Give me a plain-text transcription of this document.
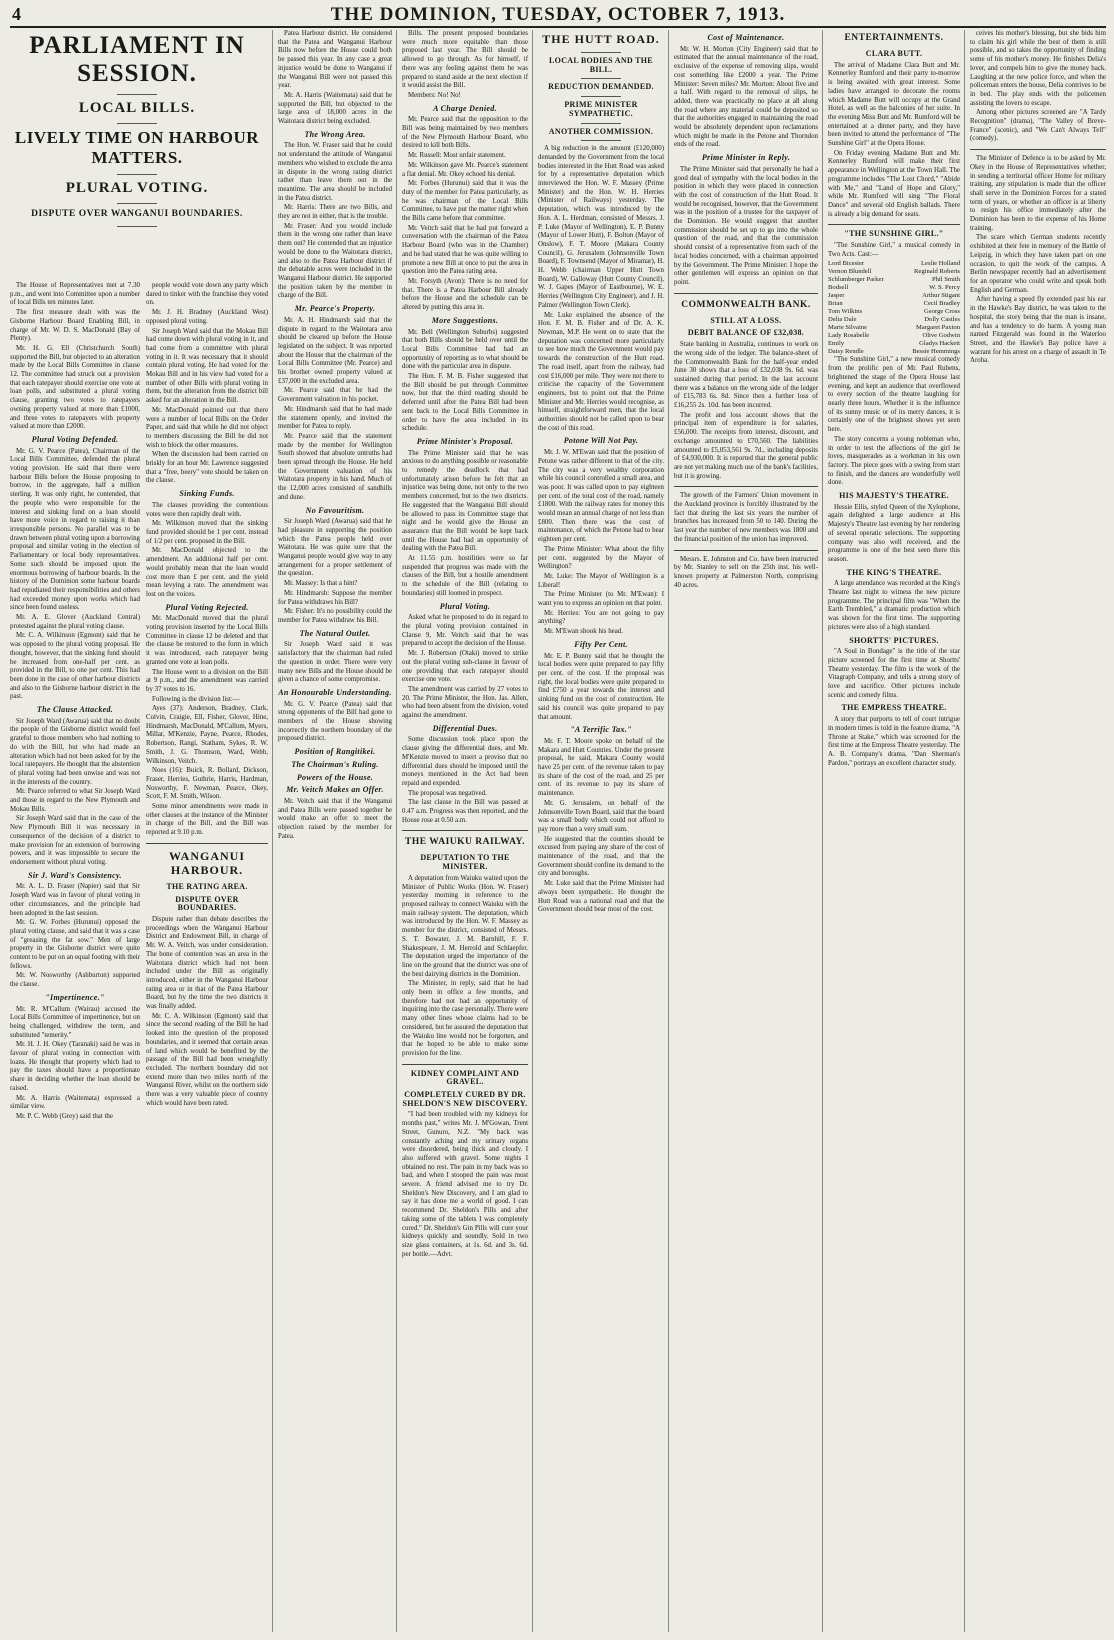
4	THE DOMINION, TUESDAY, OCTOBER 7, 1913.
PARLIAMENT IN SESSION.
LOCAL BILLS.
LIVELY TIME ON HARBOUR MATTERS.
PLURAL VOTING.
DISPUTE OVER WANGANUI BOUNDARIES.

The House of Representatives met at 7.30 p.m., and went into Committee upon a number of local Bills ten minutes later.

The first measure dealt with was the Gisborne Harbour Board Enabling Bill, in charge of Mr. W. D. S. MacDonald (Bay of Plenty).

Mr. H. G. Ell (Christchurch South) supported the Bill, but objected to an alteration made by the Local Bills Committee in clause 12. The committee had struck out a provision that each ratepayer should exercise one vote at loan polls, and substituted a plural voting clause, granting two votes to ratepayers owning property valued at more than £1000, and three votes to ratepayers with property valued at more than £2000.

Plural Voting Defended.

Mr. G. V. Pearce (Patea), Chairman of the Local Bills Committee, defended the plural voting provision. He said that there were harbour Bills before the House proposing to borrow, in the aggregate, half a million sterling. It was only right, he contended, that the people who were responsible for the interest and sinking fund on a loan should have more voice in regard to raising it than irresponsible persons. No parallel was to be drawn between plural voting upon a borrowing proposal and similar voting in the election of Parliamentary or local body representatives. Some such should be imposed upon the enormous borrowing of harbour boards. In the history of the Dominion some harbour boards had repudiated their responsibilities and others had exceeded money upon works which had since been found useless.

Mr. A. E. Glover (Auckland Central) protested against the plural voting clause.

Mr. C. A. Wilkinson (Egmont) said that he was opposed to the plural voting proposal. He thought, however, that the sinking fund should be increased from one-half per cent. as provided in the Bill, to one per cent. This had been done in the case of other harbour districts and also to the Gisborne harbour district in the past.

The Clause Attacked.

Sir Joseph Ward (Awarua) said that no doubt the people of the Gisborne district would feel grateful to those members who had nothing to do with the Bill, but who had made an alteration which had not been asked for by the local ratepayers. He thought that the abstention of plural voting had been unwise and was not in the interests of the country.

Mr. Pearce referred to what Sir Joseph Ward and those in regard to the New Plymouth and Mokau Bills.

Sir Joseph Ward said that in the case of the New Plymouth Bill it was necessary in consequence of the decision of a district to make provision for an extension of borrowing powers, and it was impossible to secure the endorsement without plural voting.

Sir J. Ward's Consistency.

Mr. A. L. D. Fraser (Napier) said that Sir Joseph Ward was in favour of plural voting in other circumstances, and the principle had been adopted in the last session.

Mr. G. W. Forbes (Hurunui) opposed the plural voting clause, and said that it was a case of "greasing the fat sow." Men of large property in the Gisborne district were quite content to be put on an equal footing with their fellows.

Mr. W. Nosworthy (Ashburton) supported the clause.

"Impertinence."

Mr. R. M'Callum (Wairau) accused the Local Bills Committee of impertinence, but on being challenged, withdrew the term, and substituted "temerity."

Mr. H. J. H. Okey (Taranaki) said he was in favour of plural voting in connection with loans. He thought that property which had to pay the taxes should have a proportionate share in deciding whether the loan should be raised.

Mr. A. Harris (Waitemata) expressed a similar view.

Mr. P. C. Webb (Grey) said that the

people would vote down any party which dared to tinker with the franchise they voted on.

Mr. J. H. Bradney (Auckland West) opposed plural voting.

Sir Joseph Ward said that the Mokau Bill had come down with plural voting in it, and had come from a committee with plural voting in it. It was necessary that it should contain plural voting. He had voted for the Mokau Bill and in his view had voted for a number of other Bills with plural voting in them, but the alteration from the district bill asked for an alteration in the Bill.

Mr. MacDonald pointed out that there were a number of local Bills on the Order Paper, and said that while he did not object to members discussing the Bill he did not wish to block the other measures.

When the discussion had been carried on briskly for an hour Mr. Lawrence suggested that a "free, beery" vote should be taken on the clause.

Sinking Funds.

The clauses providing the contentious votes were then rapidly dealt with.

Mr. Wilkinson moved that the sinking fund provided should be 1 per cent. instead of 1/2 per cent. proposed in the Bill.

Mr. MacDonald objected to the amendment. An additional half per cent. would probably mean that the loan would cost more than £ per cent. and the yield mean levying a rate. The amendment was lost on the voices.

Plural Voting Rejected.

Mr. MacDonald moved that the plural voting provision inserted by the Local Bills Committee in clause 12 be deleted and that the clause be restored to the form in which it was introduced, each ratepayer being granted one vote at loan polls.

The House went to a division on the Bill at 9 p.m., and the amendment was carried by 37 votes to 16.

Following is the division list:—

Ayes (37): Anderson, Bradney, Clark, Colvin, Craigie, Ell, Fisher, Glover, Hine, Hindmarsh, MacDonald, M'Callum, Myers, Millar, M'Kenzie, Payne, Pearce, Rhodes, Robertson, Rangi, Statham, Sykes, R. W. Smith, J. G. Thomson, Ward, Webb, Wilkinson, Veitch.

Noes (16): Buick, R. Bollard, Dickson, Fraser, Herries, Guthrie, Harris, Hardman, Nosworthy, F. Newman, Pearce, Okey, Scott, F. M. Smith, Wilson.

Some minor amendments were made in other clauses at the instance of the Minister in charge of the Bill, and the Bill was reported at 9.10 p.m.

WANGANUI HARBOUR.
THE RATING AREA.
DISPUTE OVER BOUNDARIES.

Dispute rather than debate describes the proceedings when the Wanganui Harbour District and Endowment Bill, in charge of Mr. W. A. Veitch, was under consideration. The bone of contention was an area in the Waitotara district which had not been included under the Bill as originally introduced, either in the Wanganui Harbour rating area or in that of the Patea Harbour Board, but by the time the two districts it was finally added.

Mr. C. A. Wilkinson (Egmont) said that since the second reading of the Bill he had looked into the question of the proposed boundaries, and it seemed that certain areas of land which would be benefited by the passage of the Bill had been wrongfully excluded. The northern boundary did not extend more than two miles north of the Wanganui River, whilst on the northern side there was a very valuable piece of country which would have been rated.

Patea Harbour district. He considered that the Patea and Wanganui Harbour Bills now before the House could both be passed this year. In any case a great injustice would be done to Wanganui if the Wanganui Bill were not passed this year.

Mr. A. Harris (Waitemata) said that he supported the Bill, but objected to the large area of 18,000 acres in the Waitotara district being excluded.

The Wrong Area.

The Hon. W. Fraser said that he could not understand the attitude of Wanganui members who wished to exclude the area in dispute in the wrong rating district rather than leave them out in the meantime. The area should be included in the Patea district.

Mr. Harris: There are two Bills, and they are not in either, that is the trouble.

Mr. Fraser: And you would include them in the wrong one rather than leave them out? He contended that an injustice would be done to the Waitotara district, and also to the Patea Harbour district if the debatable acres were included in the Wanganui Harbour district. He supported the position taken by the member in charge of the Bill.

Mr. Pearce's Property.

Mr. A. H. Hindmarsh said that the dispute in regard to the Waitotara area should be cleared up before the House legislated on the subject. It was reported about the House that the chairman of the Local Bills Committee (Mr. Pearce) and his brother owned property valued at £37,000 in the excluded area.

Mr. Pearce said that he had the Government valuation in his pocket.

Mr. Hindmarsh said that he had made the statement openly, and invited the member for Patea to reply.

Mr. Pearce said that the statement made by the member for Wellington South showed that absolute untruths had been spread through the House. He held the Government valuation of his Waitotara property in his hand. Much of the 12,000 acres consisted of sandhills and dune.

No Favouritism.

Sir Joseph Ward (Awarua) said that he had pleasure in supporting the position which the Patea people held over Waitotara. He was quite sure that the Wanganui people would give way to any arrangement for a proper settlement of the question.

Mr. Massey: Is that a hint?

Mr. Hindmarsh: Suppose the member for Patea withdraws his Bill?

Mr. Fisher: It's no possibility could the member for Patea withdraw his Bill.

The Natural Outlet.

Sir Joseph Ward said it was satisfactory that the chairman had ruled the question in order. There were very many new Bills and the House should be given a chance of some compromise.

An Honourable Understanding.

Mr. G. V. Pearce (Patea) said that strong opponents of the Bill had gone to members of the House showing incorrectly the northern boundary of the proposed district.

Position of Rangitikei.
The Chairman's Ruling.
Powers of the House.
Mr. Veitch Makes an Offer.

Mr. Veitch said that if the Wanganui and Patea Bills were passed together he would make an offer to meet the objection raised by the member for Patea.

Bills. The present proposed boundaries were much more equitable than those proposed last year. The Bill should be allowed to go through. As for himself, if there was any feeling against them he was prepared to stand aside at the next election if it would assist the Bill.

Members: No! No!

A Charge Denied.

Mr. Pearce said that the opposition to the Bill was being maintained by two members of the New Plymouth Harbour Board, who desired to kill both Bills.

Mr. Russell: Most unfair statement.

Mr. Wilkinson gave Mr. Pearce's statement a flat denial. Mr. Okey echoed his denial.

Mr. Forbes (Hurunui) said that it was the duty of the member for Patea particularly, as he was chairman of the Local Bills Committee, to have put the matter right when the Bills came before that committee.

Mr. Veitch said that he had put forward a conversation with the chairman of the Patea Harbour Board (who was in the Chamber) and he had stated that he was quite willing to promote a new Bill at once to put the area in question into the Patea rating area.

Mr. Forsyth (Avon): There is no need for that. There is a Patea Harbour Bill already before the House and the schedule can be altered by putting this area in.

More Suggestions.

Mr. Bell (Wellington Suburbs) suggested that both Bills should be held over until the Local Bills Committee had had an opportunity of reporting as to what should be done with the particular area in dispute.

The Hon. F. M. B. Fisher suggested that the Bill should be put through Committee now, but that the third reading should be deferred until after the Patea Bill had been sent back to the Local Bills Committee in order to have the area included in its schedule.

Prime Minister's Proposal.

The Prime Minister said that he was anxious to do anything possible or reasonable to remedy the deadlock that had unfortunately arisen before he felt that an injustice was being done, not only to the two members concerned, but to the two districts. He suggested that the Wanganui Bill should be allowed to pass its Committee stage that night and he would give the House an assurance that the Bill would be kept back until the House had had an opportunity of dealing with the Patea Bill.

At 11.55 p.m. hostilities were so far suspended that progress was made with the clauses of the Bill, but a hostile amendment to the schedule of the Bill (relating to boundaries) still loomed in prospect.

Plural Voting.

Asked what he proposed to do in regard to the plural voting provision contained in Clause 9, Mr. Veitch said that he was prepared to accept the decision of the House.

Mr. J. Robertson (Otaki) moved to strike out the plural voting sub-clause in favour of one providing that each ratepayer should exercise one vote.

The amendment was carried by 27 votes to 20. The Prime Minister, the Hon. Jas. Allen, who had been absent from the division, voted against the amendment.

Differential Dues.

Some discussion took place upon the clause giving the differential dues, and Mr. M'Kenzie moved to insert a proviso that no differential dues should be imposed until the moneys mentioned in the Act had been repaid and expended.

The proposal was negatived.

The last clause in the Bill was passed at 0.47 a.m. Progress was then reported, and the House rose at 0.50 a.m.

THE WAIUKU RAILWAY.
DEPUTATION TO THE MINISTER.

A deputation from Waiuku waited upon the Minister of Public Works (Hon. W. Fraser) yesterday morning in reference to the proposed railway to connect Waiuku with the main railway system. The deputation, which was introduced by the Hon. W. F. Massey as member for the district, consisted of Messrs. S. T. Bowater, J. M. Barnhill, F. F. Shakespeare, J. M. Herrold and Schlaepfer. The deputation urged the importance of the line on the ground that the district was one of the best dairying districts in the Dominion.

The Minister, in reply, said that he had only been in office a few months, and therefore had not had an opportunity of inquiring into the case personally. There were many other lines whose claims had to be considered, but he assured the deputation that the Waiuku line would not be forgotten, and that he hoped to be able to make some provision for the line.

KIDNEY COMPLAINT AND GRAVEL.
COMPLETELY CURED BY DR. SHELDON'S NEW DISCOVERY.

"I had been troubled with my kidneys for months past," writes Mr. J. M'Gowan, Trent Street, Gunuro, N.Z. "My back was constantly aching and my urinary organs were disordered, being thick and cloudy. I also suffered with gravel. Some nights I obtained no rest. The pain in my back was so bad, and when I stooped the pain was most severe. A friend advised me to try Dr. Sheldon's New Discovery, and I am glad to say it has done me a world of good. I can recommend Dr. Sheldon's Pills and after taking some of the tablets I was completely cured." Dr. Sheldon's Gin Pills will cure your kidneys quickly and soundly. Sold in two size glass containers, at 1s. 6d. and 3s. 6d. per bottle.—Advt.

THE HUTT ROAD.
LOCAL BODIES AND THE BILL.
REDUCTION DEMANDED.
PRIME MINISTER SYMPATHETIC.
ANOTHER COMMISSION.

A big reduction in the amount (£120,000) demanded by the Government from the local bodies interested in the Hutt Road was asked for by a representative deputation which interviewed the Hon. W. F. Massey (Prime Minister) and the Hon. W. H. Herries (Minister of Railways) yesterday. The deputation, which was introduced by the Hon. A. L. Herdman, consisted of Messrs. J. P. Luke (Mayor of Wellington), E. P. Bunny (Mayor of Lower Hutt), F. Bolton (Mayor of Onslow), F. T. Moore (Makara County Council), G. Jerusalem (Johnsonville Town Board), F. Townsend (Mayor of Miramar), H. H. Webb (chairman Upper Hutt Town Board), W. Galloway (Hutt County Council), W. J. Gapes (Mayor of Eastbourne), W. E. Herries (Wellington City Engineer), and J. H. Palmer (Wellington Town Clerk).

Mr. Luke explained the absence of the Hon. F. M. B. Fisher and of Dr. A. K. Newman, M.P. He went on to state that the deputation was concerned more particularly to see how much the Government would pay towards the construction of the Hutt road. The road itself, apart from the railway, had cost £16,000 per mile. They were not there to criticise the capacity of the Government engineers, but to point out that the Prime Minister and Mr. Herries would recognise, as himself, straightforward men, that the local authorities should not be called upon to bear the cost of this road.

Potone Will Not Pay.

Mr. J. W. M'Ewan said that the position of Petone was rather different to that of the city. The city was a very wealthy corporation while his council controlled a small area, and was poor. It was called upon to pay eighteen per cent. of the total cost of the road, namely £1800. With the railway rates for money this would mean an annual charge of not less than £800. Then there was the cost of maintenance, of which the Petone had to bear eighteen per cent.

The Prime Minister: What about the fifty per cent. suggested by the Mayor of Wellington?

Mr. Luke: The Mayor of Wellington is a Liberal!

The Prime Minister (to Mr. M'Ewan): I want you to express an opinion on that point.

Mr. Herries: You are not going to pay anything?

Mr. M'Ewan shook his head.

Fifty Per Cent.

Mr. E. P. Bunny said that he thought the local bodies were quite prepared to pay fifty per cent. of the cost. If the proposal was right, the local bodies were quite prepared to find £750 a year towards the interest and sinking fund on the cost of construction. He said his council was quite prepared to pay that amount.

"A Terrific Tax."

Mr. F. T. Moore spoke on behalf of the Makara and Hutt Counties. Under the present proposal, he said, Makara County would have 25 per cent. of the revenue taken to pay its share of the cost of the road, and 25 per cent. of its revenue to pay its share of maintenance.

Mr. G. Jerusalem, on behalf of the Johnsonville Town Board, said that the board was a small body which could not afford to pay more than a very small sum.

He suggested that the counties should be excused from paying any share of the cost of maintenance of the road, and that the Government should confine its demand to the city and boroughs.

Mr. Luke said that the Prime Minister had always been sympathetic. He thought the Hutt Road was a national road and that the Government should bear most of the cost.

Cost of Maintenance.

Mr. W. H. Morton (City Engineer) said that he estimated that the annual maintenance of the road, exclusive of the expense of removing slips, would cost something like £2000 a year. The Prime Minister: Seven miles? Mr. Morton: About five and a half. With regard to the removal of slips, he added, there was practically no place at all along the road where any material could be deposited so that the authorities engaged in maintaining the road would be absolutely dependent upon reclamations which might be made in the Petone and Thorndon ends of the road.

Prime Minister in Reply.

The Prime Minister said that personally he had a good deal of sympathy with the local bodies in the position in which they were placed in connection with the cost of construction of the Hutt Road. It would be recognised, however, that the Government was in the position of a trustee for the taxpayer of the Dominion. He would suggest that another commission should be set up to go into the whole question of the road, and that the commission should consist of a representative from each of the local bodies concerned, with a chairman appointed by the Government. The Prime Minister: I hope the other gentlemen will express an opinion on that point.

COMMONWEALTH BANK.
STILL AT A LOSS.
DEBIT BALANCE OF £32,038.

State banking in Australia, continues to work on the wrong side of the ledger. The balance-sheet of the Commonwealth Bank for the half-year ended June 30 shows that a loss of £32,038 9s. 6d. was sustained during that period. In the last account there was a balance on the wrong side of the ledger of £15,783 6s. 8d. Since then a further loss of £16,255 2s. 10d. has been incurred.

The profit and loss account shows that the principal item of expenditure is for salaries, £56,000. The receipts from interest, discount, and exchange amounted to £70,560. The liabilities amounted to £5,053,561 9s. 7d., including deposits of £4,930,000. It is reported that the general public are not yet making much use of the bank's facilities, but it is growing.

The growth of the Farmers' Union movement in the Auckland province is forcibly illustrated by the fact that during the last six years the number of branches has increased from 50 to 140. During the last year the number of new members was 1800 and the financial position of the union has improved.

Messrs. E. Johnston and Co. have been instructed by Mr. Stanley to sell on the 25th inst. his well-known property at Palmerston North, comprising 40 acres.

ENTERTAINMENTS.
CLARA BUTT.

The arrival of Madame Clara Butt and Mr. Kennerley Rumford and their party to-morrow is being awaited with great interest. Some ladies have arranged to decorate the rooms which Madame Butt will occupy at the Grand Hotel, as well as the balconies of her suite. In the evening Miss Butt and Mr. Rumford will be entertained at a dinner party, and they have been invited to attend the performance of "The Sunshine Girl" at the Opera House.

On Friday evening Madame Butt and Mr. Kennerley Rumford will make their first appearance in Wellington at the Town Hall. The programme includes "The Lost Chord," "Abide with Me," and "Land of Hope and Glory," while Mr. Rumford will sing "The Floral Dance" and several old English ballads. There is already a big demand for seats.

"THE SUNSHINE GIRL."

"The Sunshine Girl," a musical comedy in Two Acts. Cast:—

Lord Bicester	Leslie Holland
Vernon Blundell	Reginald Roberts
Schlumberger Parker	Phil Smith
Bodsell	W. S. Percy
Jasper	Arthur Stigant
Brian	Cecil Bradley
Tom Wilkins	George Cross
Delia Dale	Dolly Castles
Marie Silvaine	Margaret Paxton
Lady Rosabelle	Olive Godwin
Emily	Gladys Hackett
Daisy Rendle	Bessie Hemmings

"The Sunshine Girl," a new musical comedy from the prolific pen of Mr. Paul Rubens, brightened the stage of the Opera House last evening, and kept an audience that overflowed to every section of the theatre laughing for nearly three hours. Whether it is the influence of its sunny music or of its merry dances, it is certainly one of the brightest shows yet seen here.

The story concerns a young nobleman who, in order to test the affections of the girl he loves, masquerades as a workman in his own factory. The piece goes with a swing from start to finish, and the dances are wonderfully well done.

HIS MAJESTY'S THEATRE.

Hessie Ellis, styled Queen of the Xylophone, again delighted a large audience at His Majesty's Theatre last evening by her rendering of several operatic selections. The supporting company was also well received, and the programme is one of the best seen there this season.

THE KING'S THEATRE.

A large attendance was recorded at the King's Theatre last night to witness the new picture programme. The principal film was "When the Earth Trembled," a dramatic production which was shown for the first time. The supporting pictures were also of a high standard.

SHORTTS' PICTURES.

"A Soul in Bondage" is the title of the star picture screened for the first time at Shortts' Theatre yesterday. The film is the work of the Vitagraph Company, and tells a strong story of love and sacrifice. Other pictures include scenic and comedy films.

THE EMPRESS THEATRE.

A story that purports to tell of court intrigue in modern times is told in the feature drama, "A Throne at Stake," which was screened for the first time at the Empress Theatre yesterday. The A. B. Company's drama, "Dan Sherman's Pardon," portrays an excellent character study.

ceives his mother's blessing, but she bids him to claim his girl while the best of them is still possible, and so takes the opportunity of finding some of his mother's money. He finishes Delia's lover, and compels him to give the money back. Laughing at the new police force, and when the policeman enters the house, Delia contrives to be in bed. The play ends with the policemen assisting the lovers to escape.

Among other pictures screened are "A Tardy Recognition" (drama), "The Valley of Breve-France" (scenic), and "We Can't Always Tell" (comedy).

The Minister of Defence is to be asked by Mr. Okey in the House of Representatives whether, in sending a territorial officer Home for military training, any stipulation is made that the officer shall serve in the Dominion Forces for a stated term of years, or whether an officer is at liberty to resign his office immediately after the Dominion has been to the expense of his Home training.

The scare which German students recently exhibited at their fete in memory of the Battle of Leipzig, in which they have taken part on one occasion, to quit the work of the campus. A Berlin newspaper recently had an advertisement for an operator who could write and speak both English and German.

After having a speed fly extended past his ear in the Hawke's Bay district, he was taken to the hospital, the story being that the man is insane, and has a tendency to do harm. A young man named Fitzgerald was found in the Waterloo Street, and the Hawke's Bay police have a warrant for his arrest on a charge of assault in Te Aroha.
